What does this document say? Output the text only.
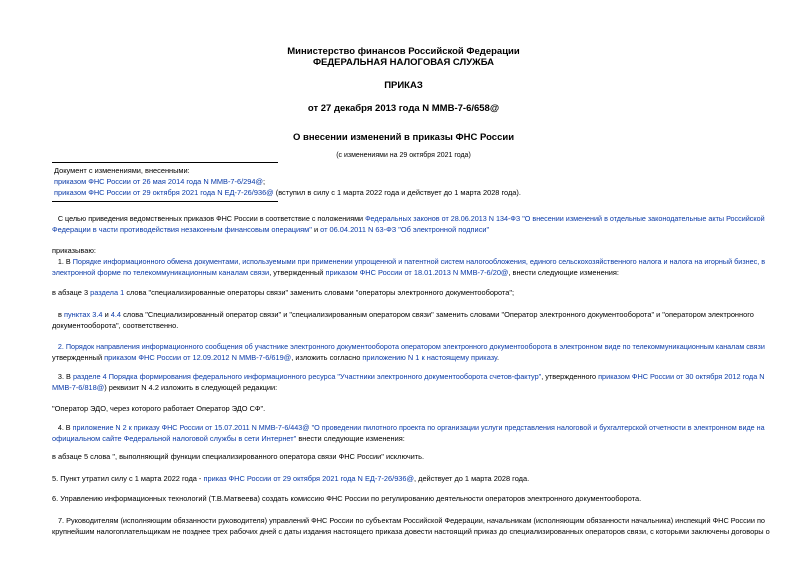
Министерство финансов Российской Федерации
ФЕДЕРАЛЬНАЯ НАЛОГОВАЯ СЛУЖБА
ПРИКАЗ
от 27 декабря 2013 года N ММВ-7-6/658@
О внесении изменений в приказы ФНС России
(с изменениями на 29 октября 2021 года)
Документ с изменениями, внесенными:
приказом ФНС России от 26 мая 2014 года N ММВ-7-6/294@;
приказом ФНС России от 29 октября 2021 года N ЕД-7-26/936@ (вступил в силу с 1 марта 2022 года и действует до 1 марта 2028 года).
С целью приведения ведомственных приказов ФНС России в соответствие с положениями Федеральных законов от 28.06.2013 N 134-ФЗ "О внесении изменений в отдельные законодательные акты Российской
Федерации в части противодействия незаконным финансовым операциям" и от 06.04.2011 N 63-ФЗ "Об электронной подписи"
приказываю:
1. В Порядке информационного обмена документами, используемыми при применении упрощенной и патентной систем налогообложения, единого сельскохозяйственного налога и налога на игорный бизнес, в
электронной форме по телекоммуникационным каналам связи, утвержденный приказом ФНС России от 18.01.2013 N ММВ-7-6/20@, внести следующие изменения:
в абзаце 3 раздела 1 слова "специализированные операторы связи" заменить словами "операторы электронного документооборота";
в пунктах 3.4 и 4.4 слова "Специализированный оператор связи" и "специализированным оператором связи" заменить словами "Оператор электронного документооборота" и "оператором электронного
документооборота", соответственно.
2. Порядок направления информационного сообщения об участнике электронного документооборота оператором электронного документооборота в электронном виде по телекоммуникационным каналам связи
утвержденный приказом ФНС России от 12.09.2012 N ММВ-7-6/619@, изложить согласно приложению N 1 к настоящему приказу.
3. В разделе 4 Порядка формирования федерального информационного ресурса "Участники электронного документооборота счетов-фактур", утвержденного приказом ФНС России от 30 октября 2012 года N
ММВ-7-6/818@) реквизит N 4.2 изложить в следующей редакции:
"Оператор ЭДО, через которого работает Оператор ЭДО СФ".
4. В приложение N 2 к приказу ФНС России от 15.07.2011 N ММВ-7-6/443@ "О проведении пилотного проекта по организации услуги представления налоговой и бухгалтерской отчетности в электронном виде на
официальном сайте Федеральной налоговой службы в сети Интернет" внести следующие изменения:
в абзаце 5 слова ", выполняющий функции специализированного оператора связи ФНС России" исключить.
5. Пункт утратил силу с 1 марта 2022 года - приказ ФНС России от 29 октября 2021 года N ЕД-7-26/936@, действует до 1 марта 2028 года.
6. Управлению информационных технологий (Т.В.Матвеева) создать комиссию ФНС России по регулированию деятельности операторов электронного документооборота.
7. Руководителям (исполняющим обязанности руководителя) управлений ФНС России по субъектам Российской Федерации, начальникам (исполняющим обязанности начальника) инспекций ФНС России по
крупнейшим налогоплательщикам не позднее трех рабочих дней с даты издания настоящего приказа довести настоящий приказ до специализированных операторов связи, с которыми заключены договоры о
